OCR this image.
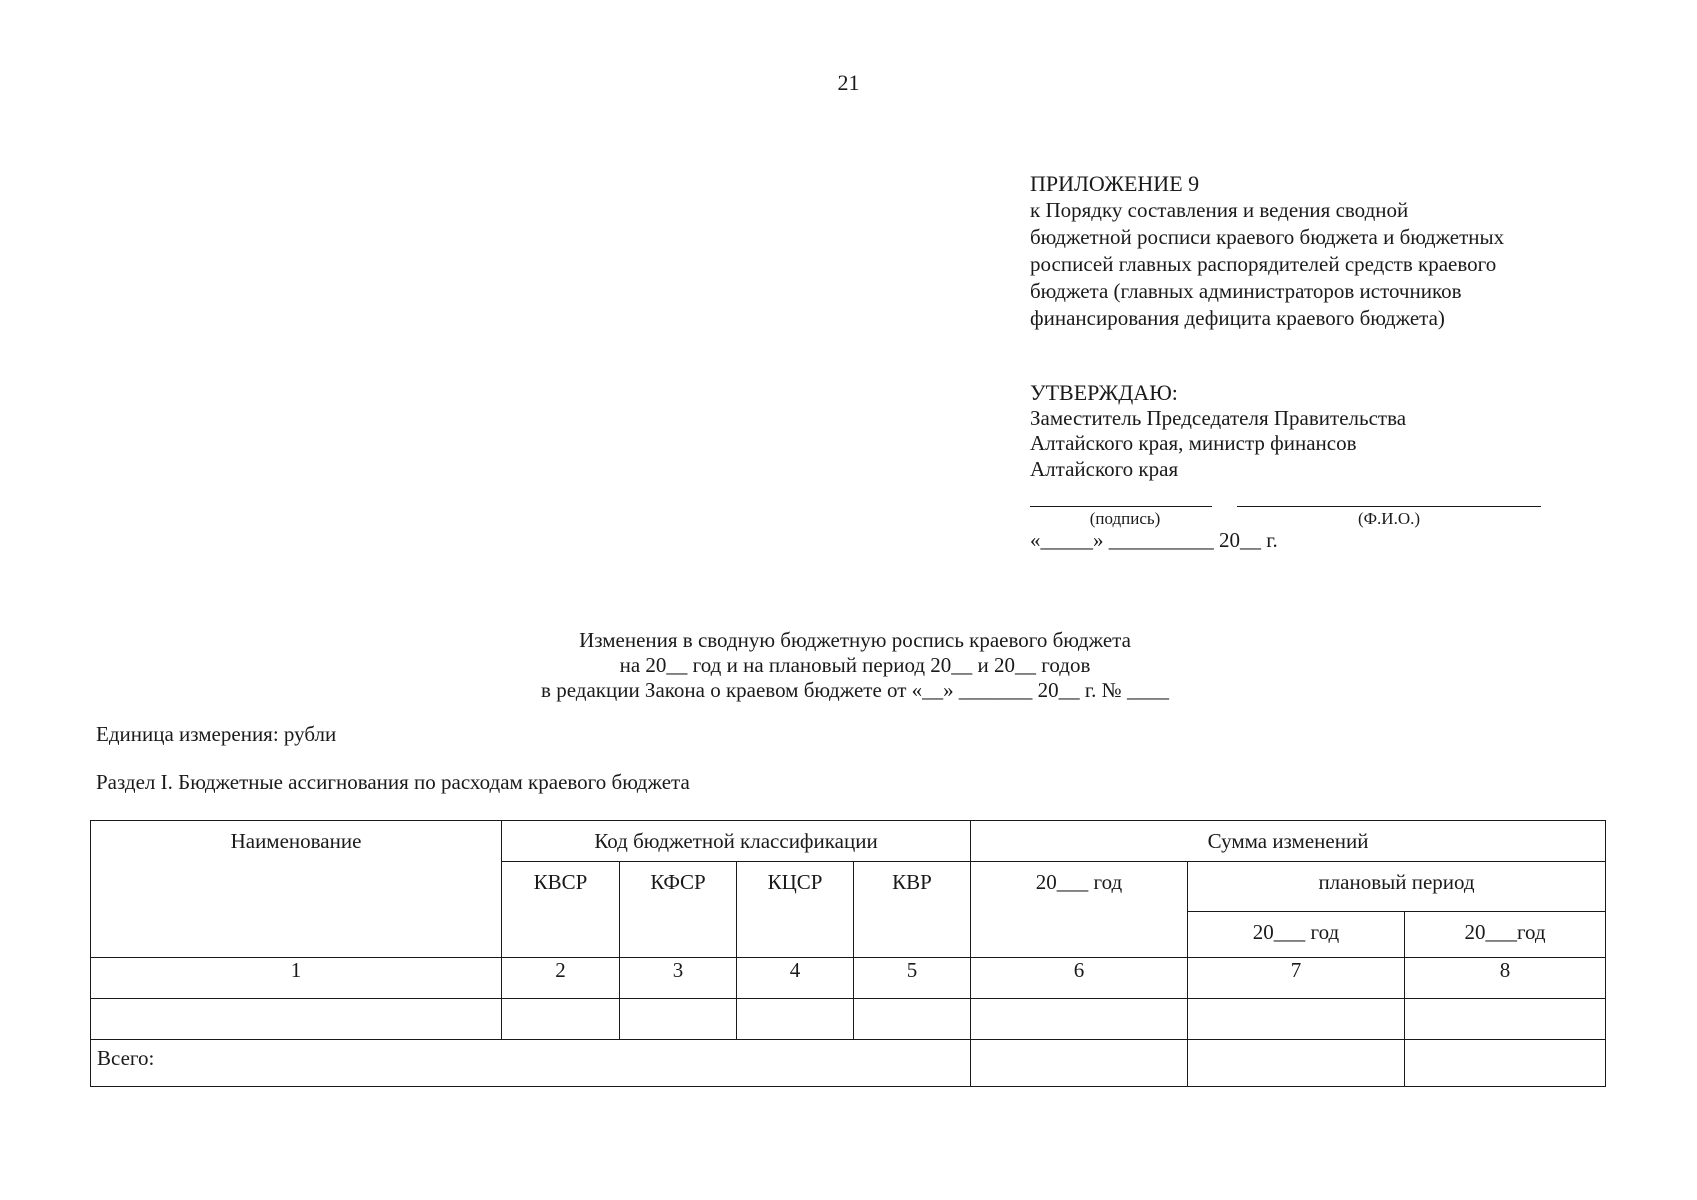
21
ПРИЛОЖЕНИЕ 9
к Порядку составления и ведения сводной
бюджетной росписи краевого бюджета и бюджетных
росписей главных распорядителей средств краевого
бюджета (главных администраторов источников
финансирования дефицита краевого бюджета)
УТВЕРЖДАЮ:
Заместитель Председателя Правительства
Алтайского края, министр финансов
Алтайского края
(подпись)	(Ф.И.О.)
«_____» __________ 20__ г.
Изменения в сводную бюджетную роспись краевого бюджета
на 20__ год и на плановый период 20__ и 20__ годов
в редакции Закона о краевом бюджете от «__» _______ 20__ г. № ____
Единица измерения: рубли
Раздел I. Бюджетные ассигнования по расходам краевого бюджета
Наименование	Код бюджетной классификации				Сумма изменений		
	КВСР	КФСР	КЦСР	КВР	20___ год	плановый период	
						20___ год	20___год
1	2	3	4	5	6	7	8

Всего:							
